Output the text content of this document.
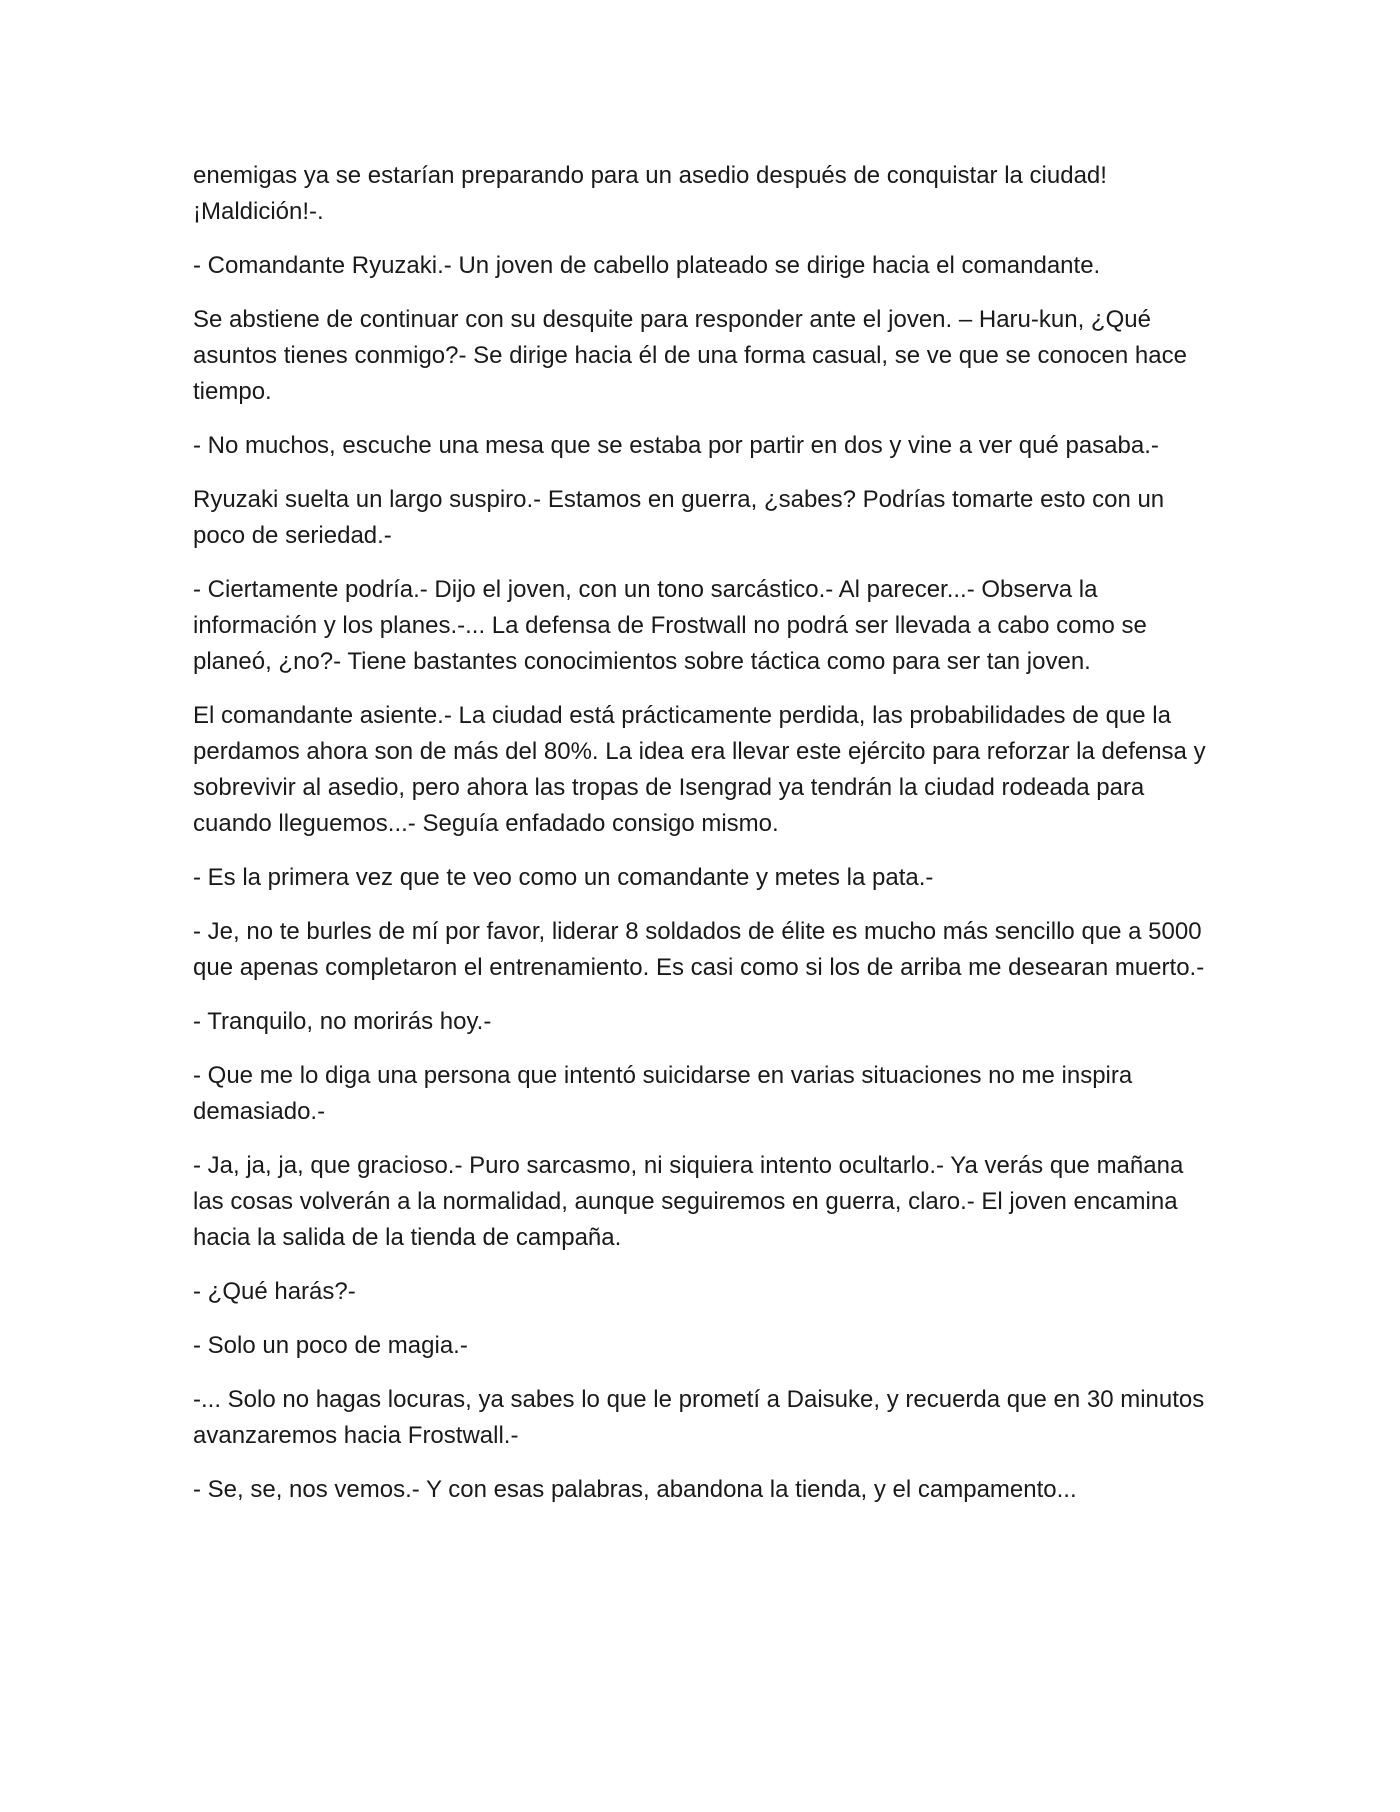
enemigas ya se estarían preparando para un asedio después de conquistar la ciudad! ¡Maldición!-.

- Comandante Ryuzaki.- Un joven de cabello plateado se dirige hacia el comandante.

Se abstiene de continuar con su desquite para responder ante el joven. – Haru-kun, ¿Qué asuntos tienes conmigo?- Se dirige hacia él de una forma casual, se ve que se conocen hace tiempo.

- No muchos, escuche una mesa que se estaba por partir en dos y vine a ver qué pasaba.-

Ryuzaki suelta un largo suspiro.- Estamos en guerra, ¿sabes? Podrías tomarte esto con un poco de seriedad.-

- Ciertamente podría.- Dijo el joven, con un tono sarcástico.- Al parecer...- Observa la información y los planes.-... La defensa de Frostwall no podrá ser llevada a cabo como se planeó, ¿no?- Tiene bastantes conocimientos sobre táctica como para ser tan joven.

El comandante asiente.- La ciudad está prácticamente perdida, las probabilidades de que la perdamos ahora son de más del 80%. La idea era llevar este ejército para reforzar la defensa y sobrevivir al asedio, pero ahora las tropas de Isengrad ya tendrán la ciudad rodeada para cuando lleguemos...- Seguía enfadado consigo mismo.

- Es la primera vez que te veo como un comandante y metes la pata.-

- Je, no te burles de mí por favor, liderar 8 soldados de élite es mucho más sencillo que a 5000 que apenas completaron el entrenamiento. Es casi como si los de arriba me desearan muerto.-

- Tranquilo, no morirás hoy.-

- Que me lo diga una persona que intentó suicidarse en varias situaciones no me inspira demasiado.-

- Ja, ja, ja, que gracioso.- Puro sarcasmo, ni siquiera intento ocultarlo.- Ya verás que mañana las cosas volverán a la normalidad, aunque seguiremos en guerra, claro.- El joven encamina hacia la salida de la tienda de campaña.

- ¿Qué harás?-

- Solo un poco de magia.-

-... Solo no hagas locuras, ya sabes lo que le prometí a Daisuke, y recuerda que en 30 minutos avanzaremos hacia Frostwall.-

- Se, se, nos vemos.- Y con esas palabras, abandona la tienda, y el campamento...
